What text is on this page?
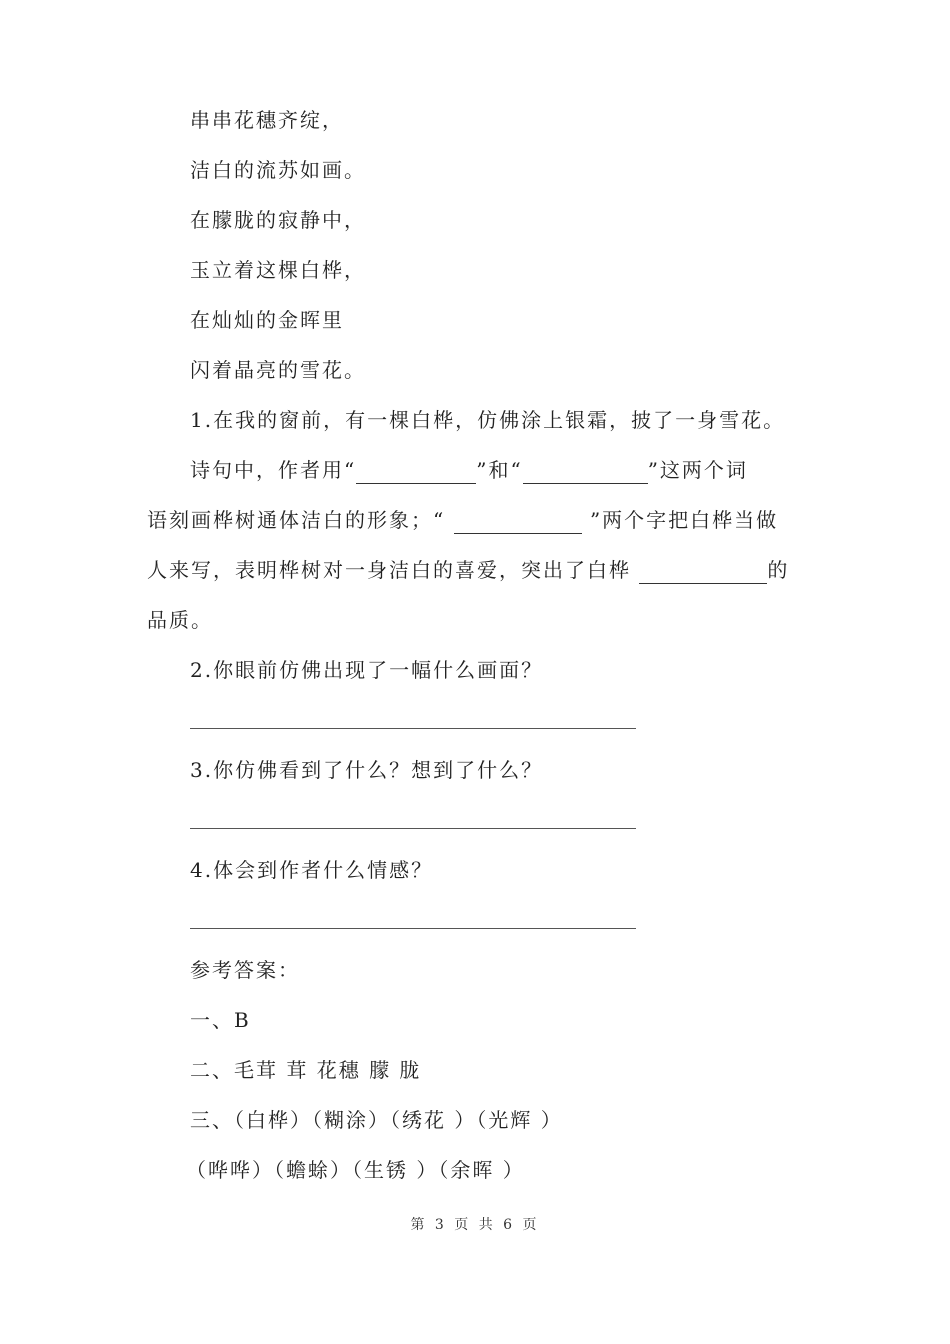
串串花穗齐绽，
洁白的流苏如画。
在朦胧的寂静中，
玉立着这棵白桦，
在灿灿的金晖里
闪着晶亮的雪花。
1.在我的窗前，有一棵白桦，仿佛涂上银霜，披了一身雪花。
诗句中，作者用“	”和“	”这两个词
语刻画桦树通体洁白的形象；“	”两个字把白桦当做
人来写，表明桦树对一身洁白的喜爱，突出了白桦	的
品质。
2.你眼前仿佛出现了一幅什么画面？
3.你仿佛看到了什么？想到了什么？
4.体会到作者什么情感？
参考答案：
一、B
二、毛茸 茸 花穗 朦 胧
三、（白桦）（糊涂）（绣花 ）（光辉 ）
（哗哗）（蟾蜍）（生锈 ）（余晖 ）
第 3 页 共 6 页
